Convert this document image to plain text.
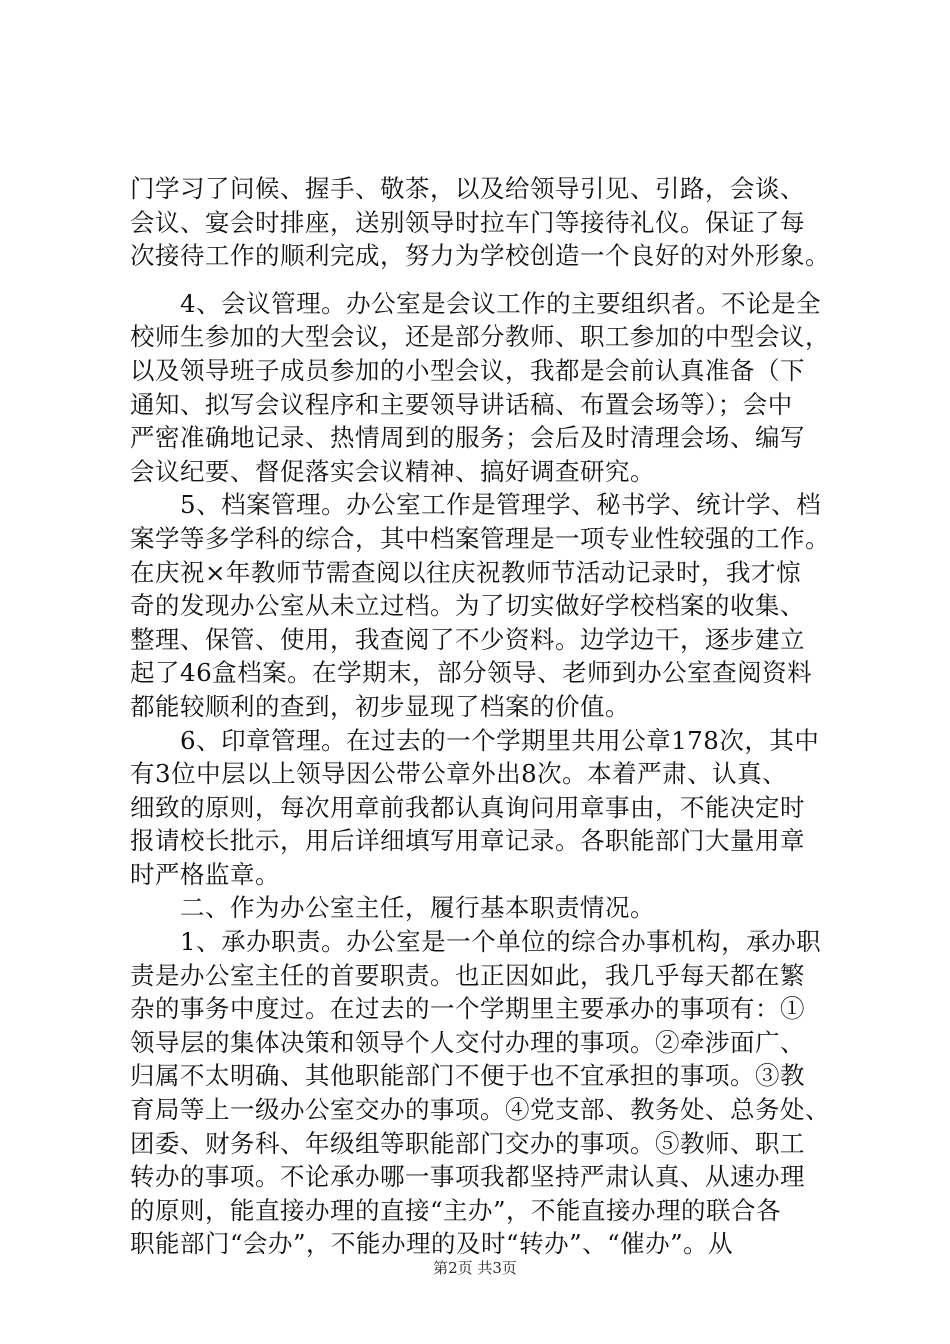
门学习了问候、握手、敬茶，以及给领导引见、引路，会谈、
会议、宴会时排座，送别领导时拉车门等接待礼仪。保证了每
次接待工作的顺利完成，努力为学校创造一个良好的对外形象。
　　4、会议管理。办公室是会议工作的主要组织者。不论是全
校师生参加的大型会议，还是部分教师、职工参加的中型会议，
以及领导班子成员参加的小型会议，我都是会前认真准备（下
通知、拟写会议程序和主要领导讲话稿、布置会场等）；会中
严密准确地记录、热情周到的服务；会后及时清理会场、编写
会议纪要、督促落实会议精神、搞好调查研究。
　　5、档案管理。办公室工作是管理学、秘书学、统计学、档
案学等多学科的综合，其中档案管理是一项专业性较强的工作。
在庆祝×年教师节需查阅以往庆祝教师节活动记录时，我才惊
奇的发现办公室从未立过档。为了切实做好学校档案的收集、
整理、保管、使用，我查阅了不少资料。边学边干，逐步建立
起了46盒档案。在学期末，部分领导、老师到办公室查阅资料
都能较顺利的查到，初步显现了档案的价值。
　　6、印章管理。在过去的一个学期里共用公章178次，其中
有3位中层以上领导因公带公章外出8次。本着严肃、认真、
细致的原则，每次用章前我都认真询问用章事由，不能决定时
报请校长批示，用后详细填写用章记录。各职能部门大量用章
时严格监章。
　　二、作为办公室主任，履行基本职责情况。
　　1、承办职责。办公室是一个单位的综合办事机构，承办职
责是办公室主任的首要职责。也正因如此，我几乎每天都在繁
杂的事务中度过。在过去的一个学期里主要承办的事项有：①
领导层的集体决策和领导个人交付办理的事项。②牵涉面广、
归属不太明确、其他职能部门不便于也不宜承担的事项。③教
育局等上一级办公室交办的事项。④党支部、教务处、总务处、
团委、财务科、年级组等职能部门交办的事项。⑤教师、职工
转办的事项。不论承办哪一事项我都坚持严肃认真、从速办理
的原则，能直接办理的直接“主办”，不能直接办理的联合各
职能部门“会办”，不能办理的及时“转办”、“催办”。从
第2页 共3页
